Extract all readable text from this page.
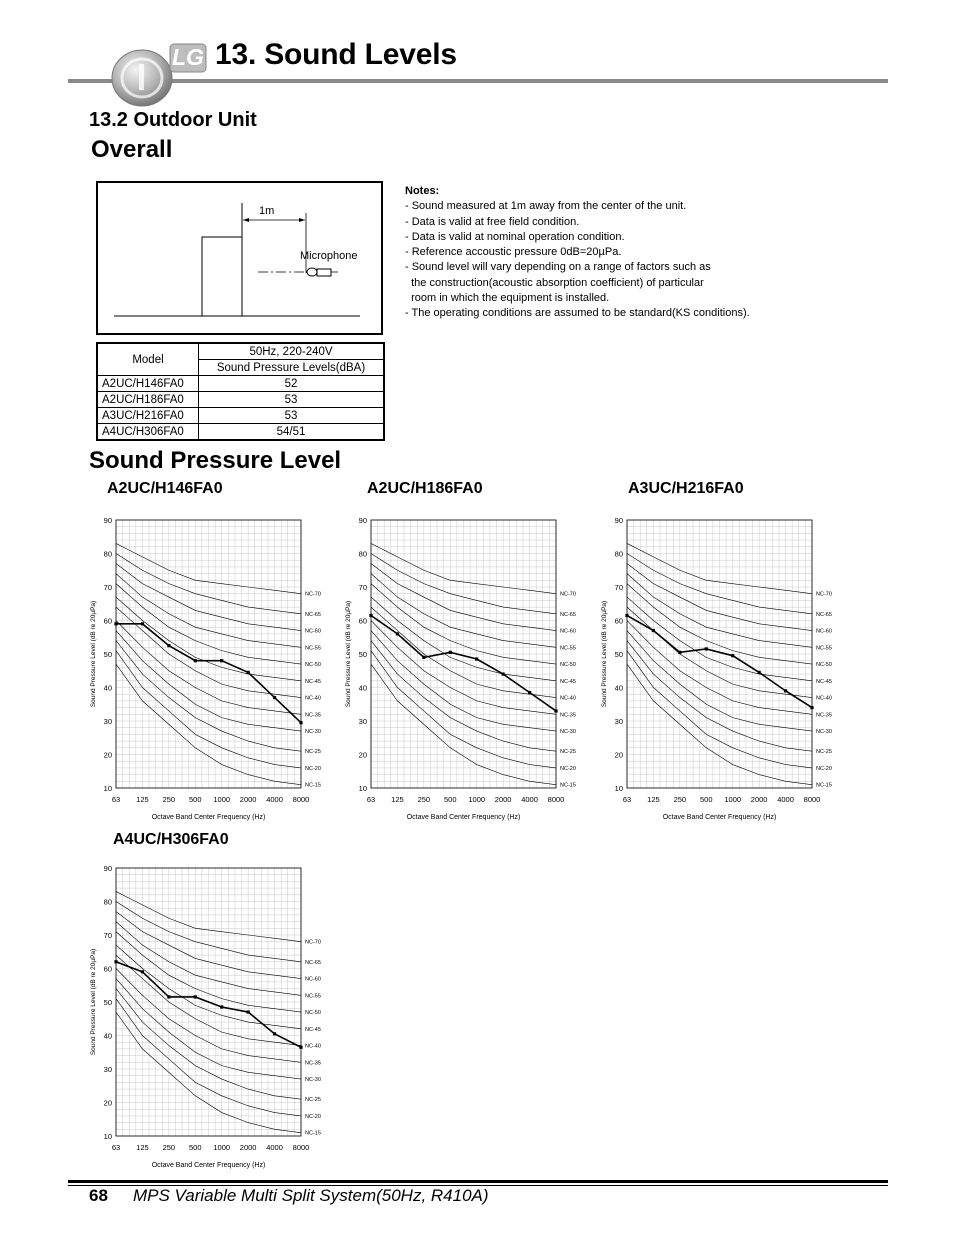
LG 13. Sound Levels
13.2 Outdoor Unit
Overall
1m
Microphone
Notes:
- Sound measured at 1m away from the center of the unit.
- Data is valid at free field condition.
- Data is valid at nominal operation condition.
- Reference accoustic pressure 0dB=20µPa.
- Sound level will vary depending on a range of factors such as
the construction(acoustic absorption coefficient) of particular
room in which the equipment is installed.
- The operating conditions are assumed to be standard(KS conditions).
Model	50Hz, 220-240V
	Sound Pressure Levels(dBA)
A2UC/H146FA0	52
A2UC/H186FA0	53
A3UC/H216FA0	53
A4UC/H306FA0	54/51
Sound Pressure Level
A2UC/H146FA0	A2UC/H186FA0	A3UC/H216FA0
A4UC/H306FA0
NC-70
NC-65
NC-60
NC-55
NC-50
NC-45
NC-40
NC-35
NC-30
NC-25
NC-20
NC-15
10
20
30
40
50
60
70
80
90
63 125 250 500 1000 2000 4000 8000
Octave Band Center Frequency (Hz)
Sound Pressure Level (dB re 20µPa)
NC-70
NC-65
NC-60
NC-55
NC-50
NC-45
NC-40
NC-35
NC-30
NC-25
NC-20
NC-15
10
20
30
40
50
60
70
80
90
63 125 250 500 1000 2000 4000 8000
Octave Band Center Frequency (Hz)
Sound Pressure Level (dB re 20µPa)
NC-70
NC-65
NC-60
NC-55
NC-50
NC-45
NC-40
NC-35
NC-30
NC-25
NC-20
NC-15
10
20
30
40
50
60
70
80
90
63 125 250 500 1000 2000 4000 8000
Octave Band Center Frequency (Hz)
Sound Pressure Level (dB re 20µPa)
NC-70
NC-65
NC-60
NC-55
NC-50
NC-45
NC-40
NC-35
NC-30
NC-25
NC-20
NC-15
10
20
30
40
50
60
70
80
90
63 125 250 500 1000 2000 4000 8000
Octave Band Center Frequency (Hz)
Sound Pressure Level (dB re 20µPa)
68 MPS Variable Multi Split System(50Hz, R410A)
